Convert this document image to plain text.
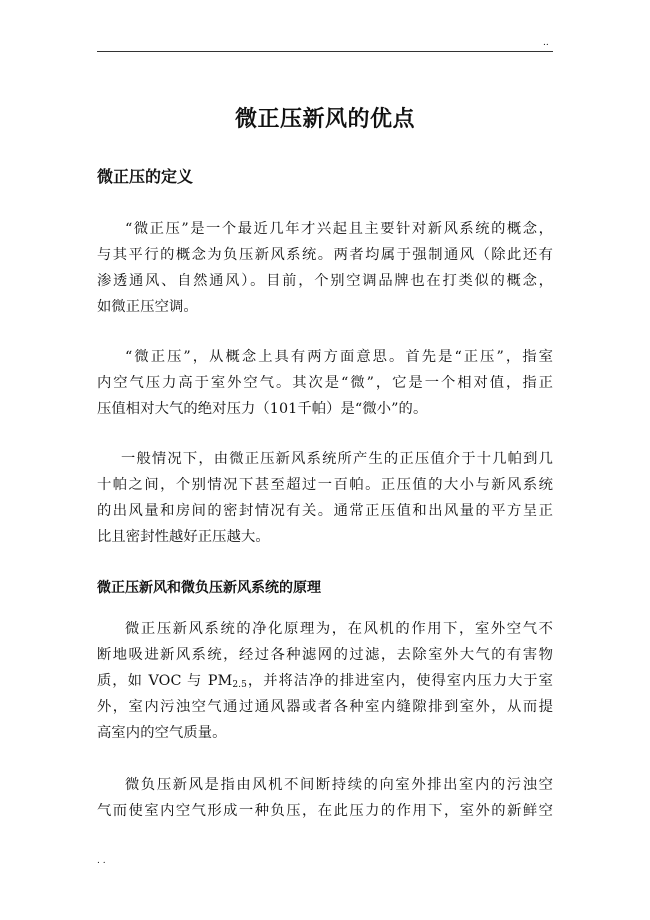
..
微正压新风的优点
微正压的定义
“微正压”是一个最近几年才兴起且主要针对新风系统的概念，
与其平行的概念为负压新风系统。两者均属于强制通风（除此还有
渗透通风、自然通风）。目前，个别空调品牌也在打类似的概念，
如微正压空调。
“微正压”，从概念上具有两方面意思。首先是“正压”，指室
内空气压力高于室外空气。其次是“微”，它是一个相对值，指正
压值相对大气的绝对压力（101千帕）是“微小”的。
一般情况下，由微正压新风系统所产生的正压值介于十几帕到几
十帕之间，个别情况下甚至超过一百帕。正压值的大小与新风系统
的出风量和房间的密封情况有关。通常正压值和出风量的平方呈正
比且密封性越好正压越大。
微正压新风和微负压新风系统的原理
微正压新风系统的净化原理为，在风机的作用下，室外空气不
断地吸进新风系统，经过各种滤网的过滤，去除室外大气的有害物
质，如 VOC 与 $PM_{2.5}$，并将洁净的排进室内，使得室内压力大于室
外，室内污浊空气通过通风器或者各种室内缝隙排到室外，从而提
高室内的空气质量。
微负压新风是指由风机不间断持续的向室外排出室内的污浊空
气而使室内空气形成一种负压，在此压力的作用下，室外的新鲜空
. .
